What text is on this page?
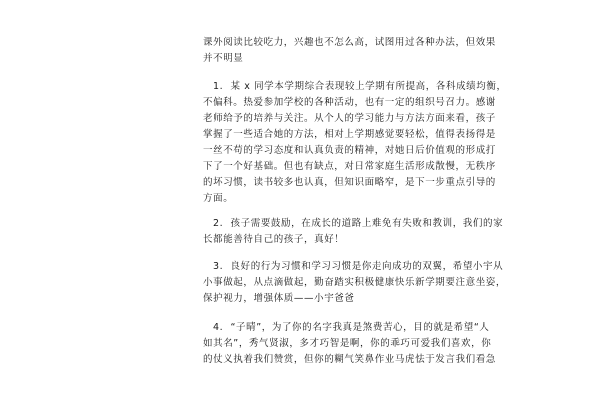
课外阅读比较吃力，兴趣也不怎么高，试图用过各种办法，但效果
并不明显
1. 某 x 同学本学期综合表现较上学期有所提高，各科成绩均衡，
不偏科。热爱参加学校的各种活动，也有一定的组织号召力。感谢
老师给予的培养与关注。从个人的学习能力与方法方面来看，孩子
掌握了一些适合她的方法，相对上学期感觉要轻松，值得表扬得是
一丝不苟的学习态度和认真负责的精神，对她日后价值观的形成打
下了一个好基础。但也有缺点，对日常家庭生活形成散慢，无秩序
的坏习惯，读书较多也认真，但知识面略窄，是下一步重点引导的
方面。
2. 孩子需要鼓励，在成长的道路上难免有失败和教训，我们的家
长都能善待自己的孩子，真好！
3. 良好的行为习惯和学习习惯是你走向成功的双翼，希望小宇从
小事做起，从点滴做起，勤奋踏实积极健康快乐新学期要注意坐姿，
保护视力，增强体质——小宇爸爸
4. “子晴”，为了你的名字我真是煞费苦心，目的就是希望“人
如其名”，秀气贤淑，多才巧智是啊，你的乖巧可爱我们喜欢，你
的仗义执着我们赞赏，但你的糊气笑鼻作业马虎怯于发言我们看急
